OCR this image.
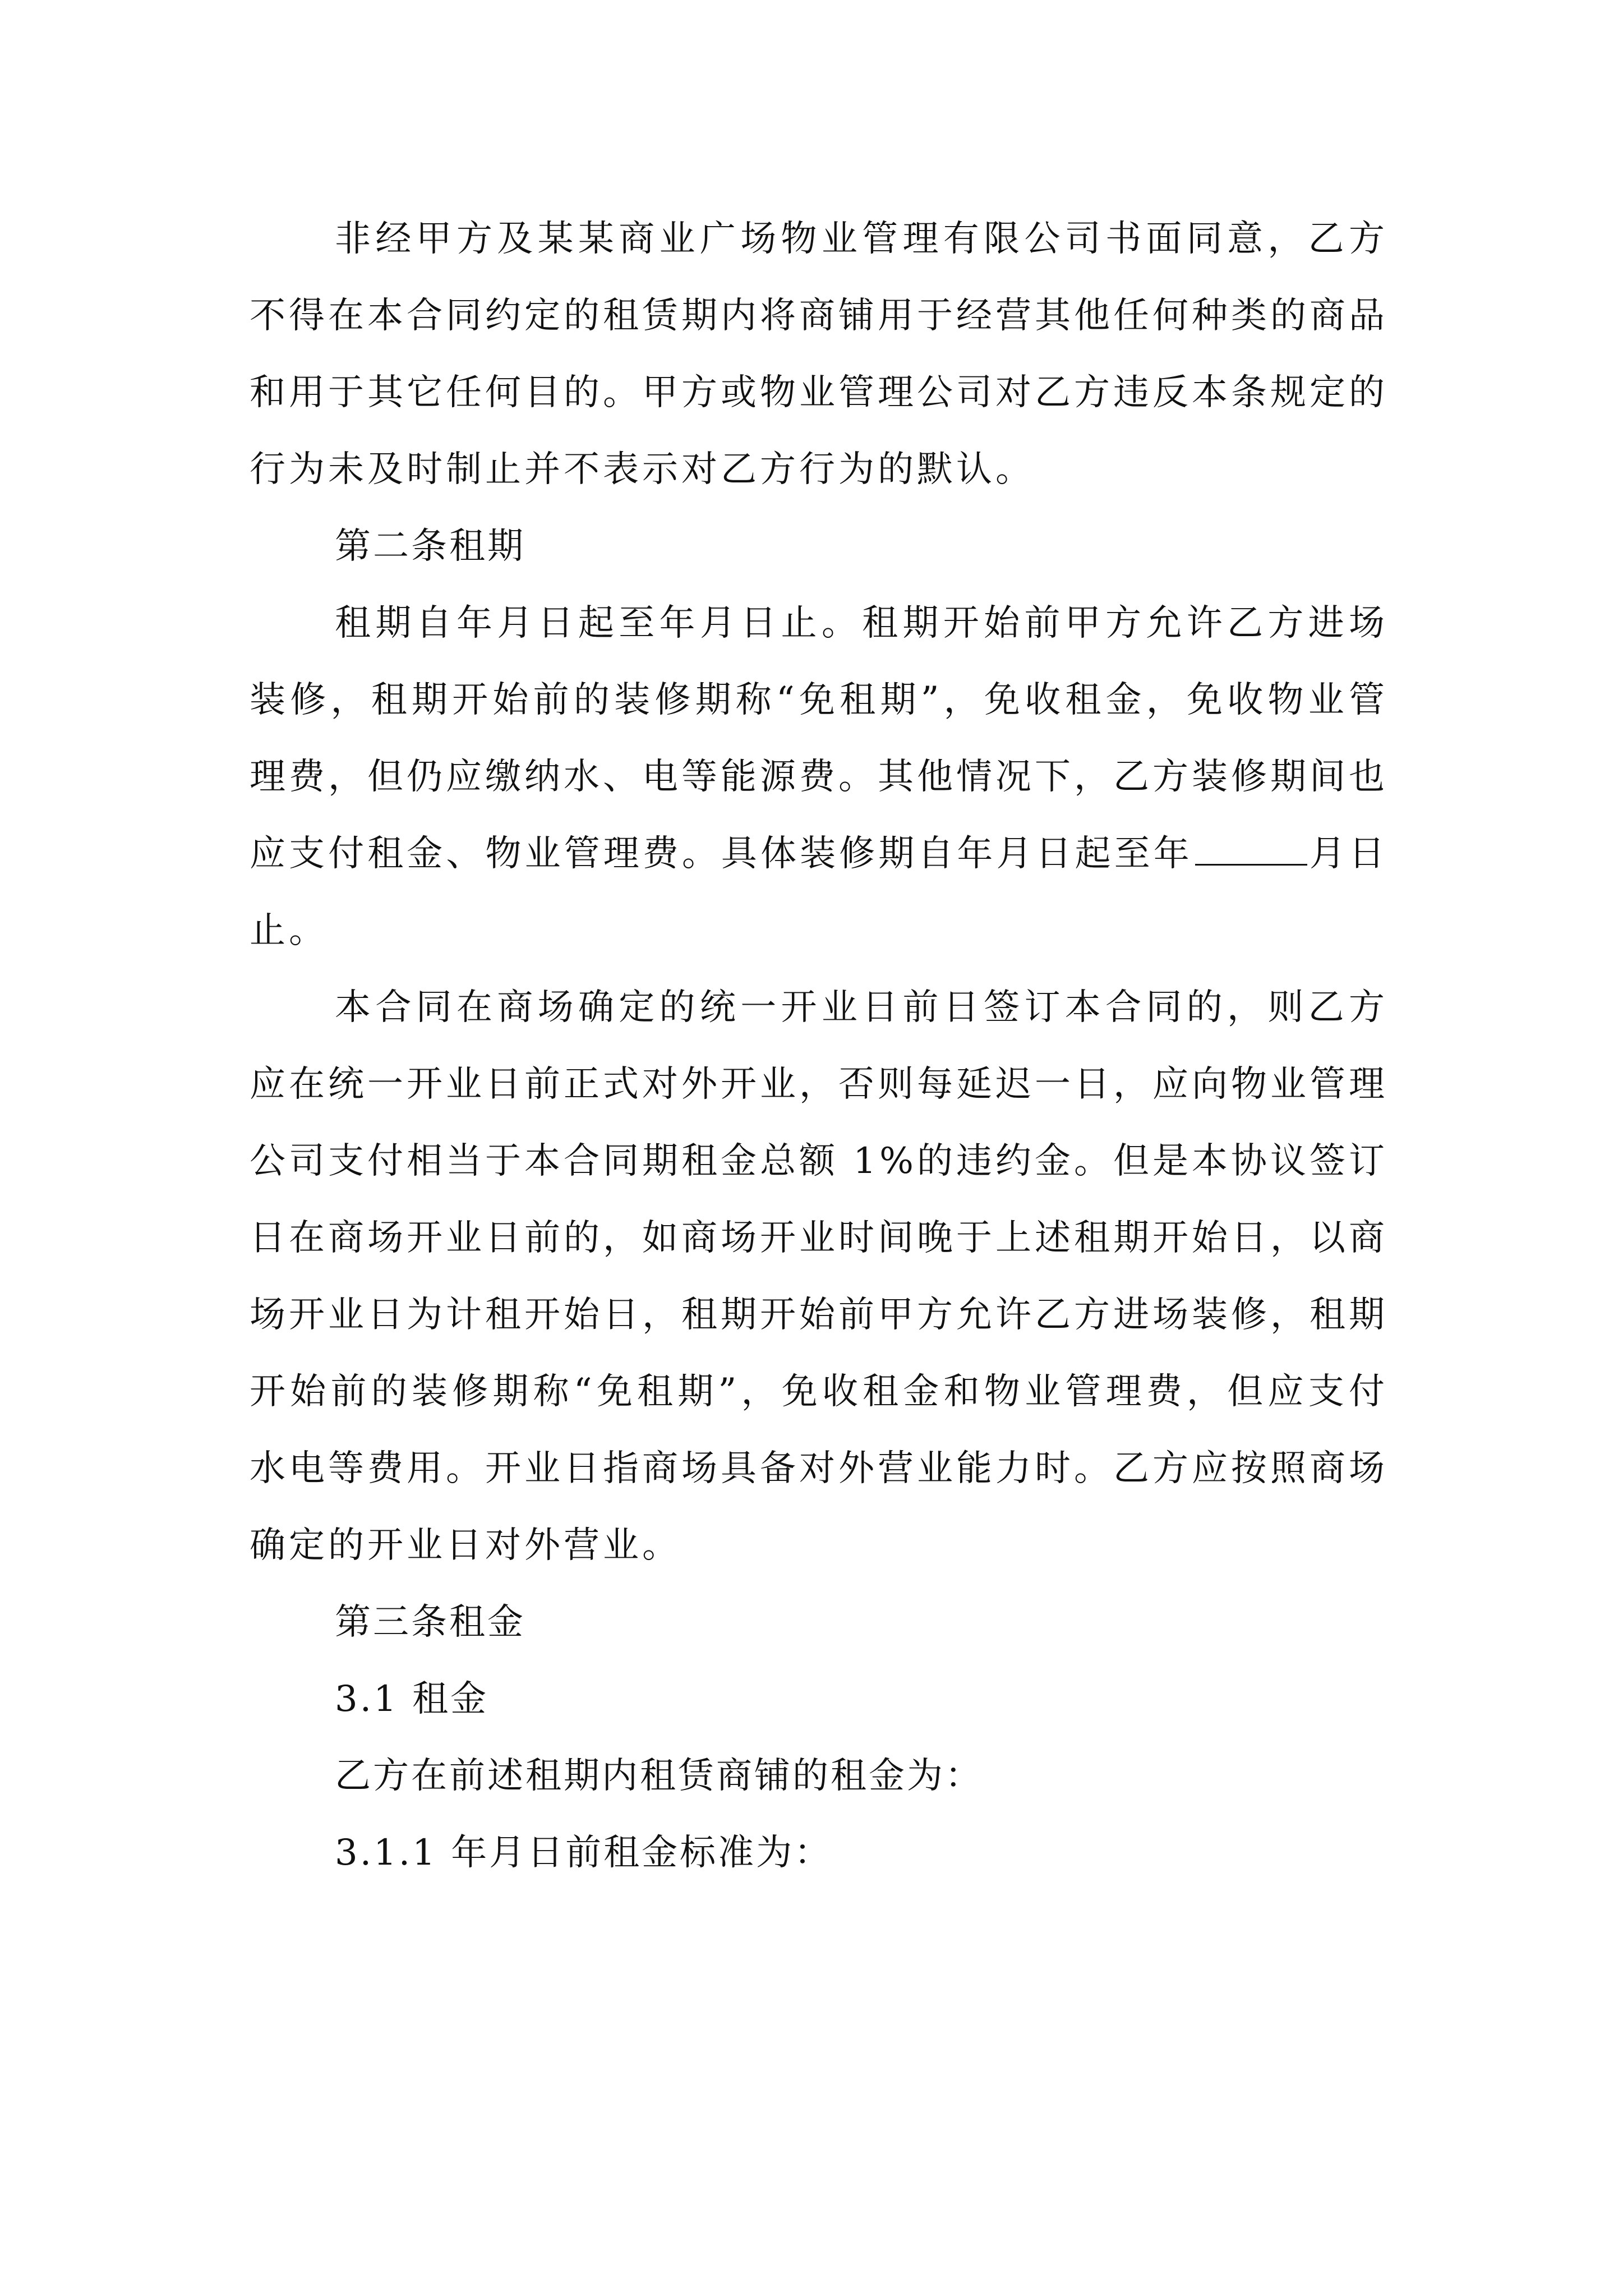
非经甲方及某某商业广场物业管理有限公司书面同意，乙方不得在本合同约定的租赁期内将商铺用于经营其他任何种类的商品和用于其它任何目的。甲方或物业管理公司对乙方违反本条规定的行为未及时制止并不表示对乙方行为的默认。

第二条租期

租期自年月日起至年月日止。租期开始前甲方允许乙方进场装修，租期开始前的装修期称“免租期”，免收租金，免收物业管理费，但仍应缴纳水、电等能源费。其他情况下，乙方装修期间也应支付租金、物业管理费。具体装修期自年月日起至年	月日止。

本合同在商场确定的统一开业日前日签订本合同的，则乙方应在统一开业日前正式对外开业，否则每延迟一日，应向物业管理公司支付相当于本合同期租金总额 1%的违约金。但是本协议签订日在商场开业日前的，如商场开业时间晚于上述租期开始日，以商场开业日为计租开始日，租期开始前甲方允许乙方进场装修，租期开始前的装修期称“免租期”，免收租金和物业管理费，但应支付水电等费用。开业日指商场具备对外营业能力时。乙方应按照商场确定的开业日对外营业。

第三条租金

3.1 租金

乙方在前述租期内租赁商铺的租金为：

3.1.1 年月日前租金标准为：
